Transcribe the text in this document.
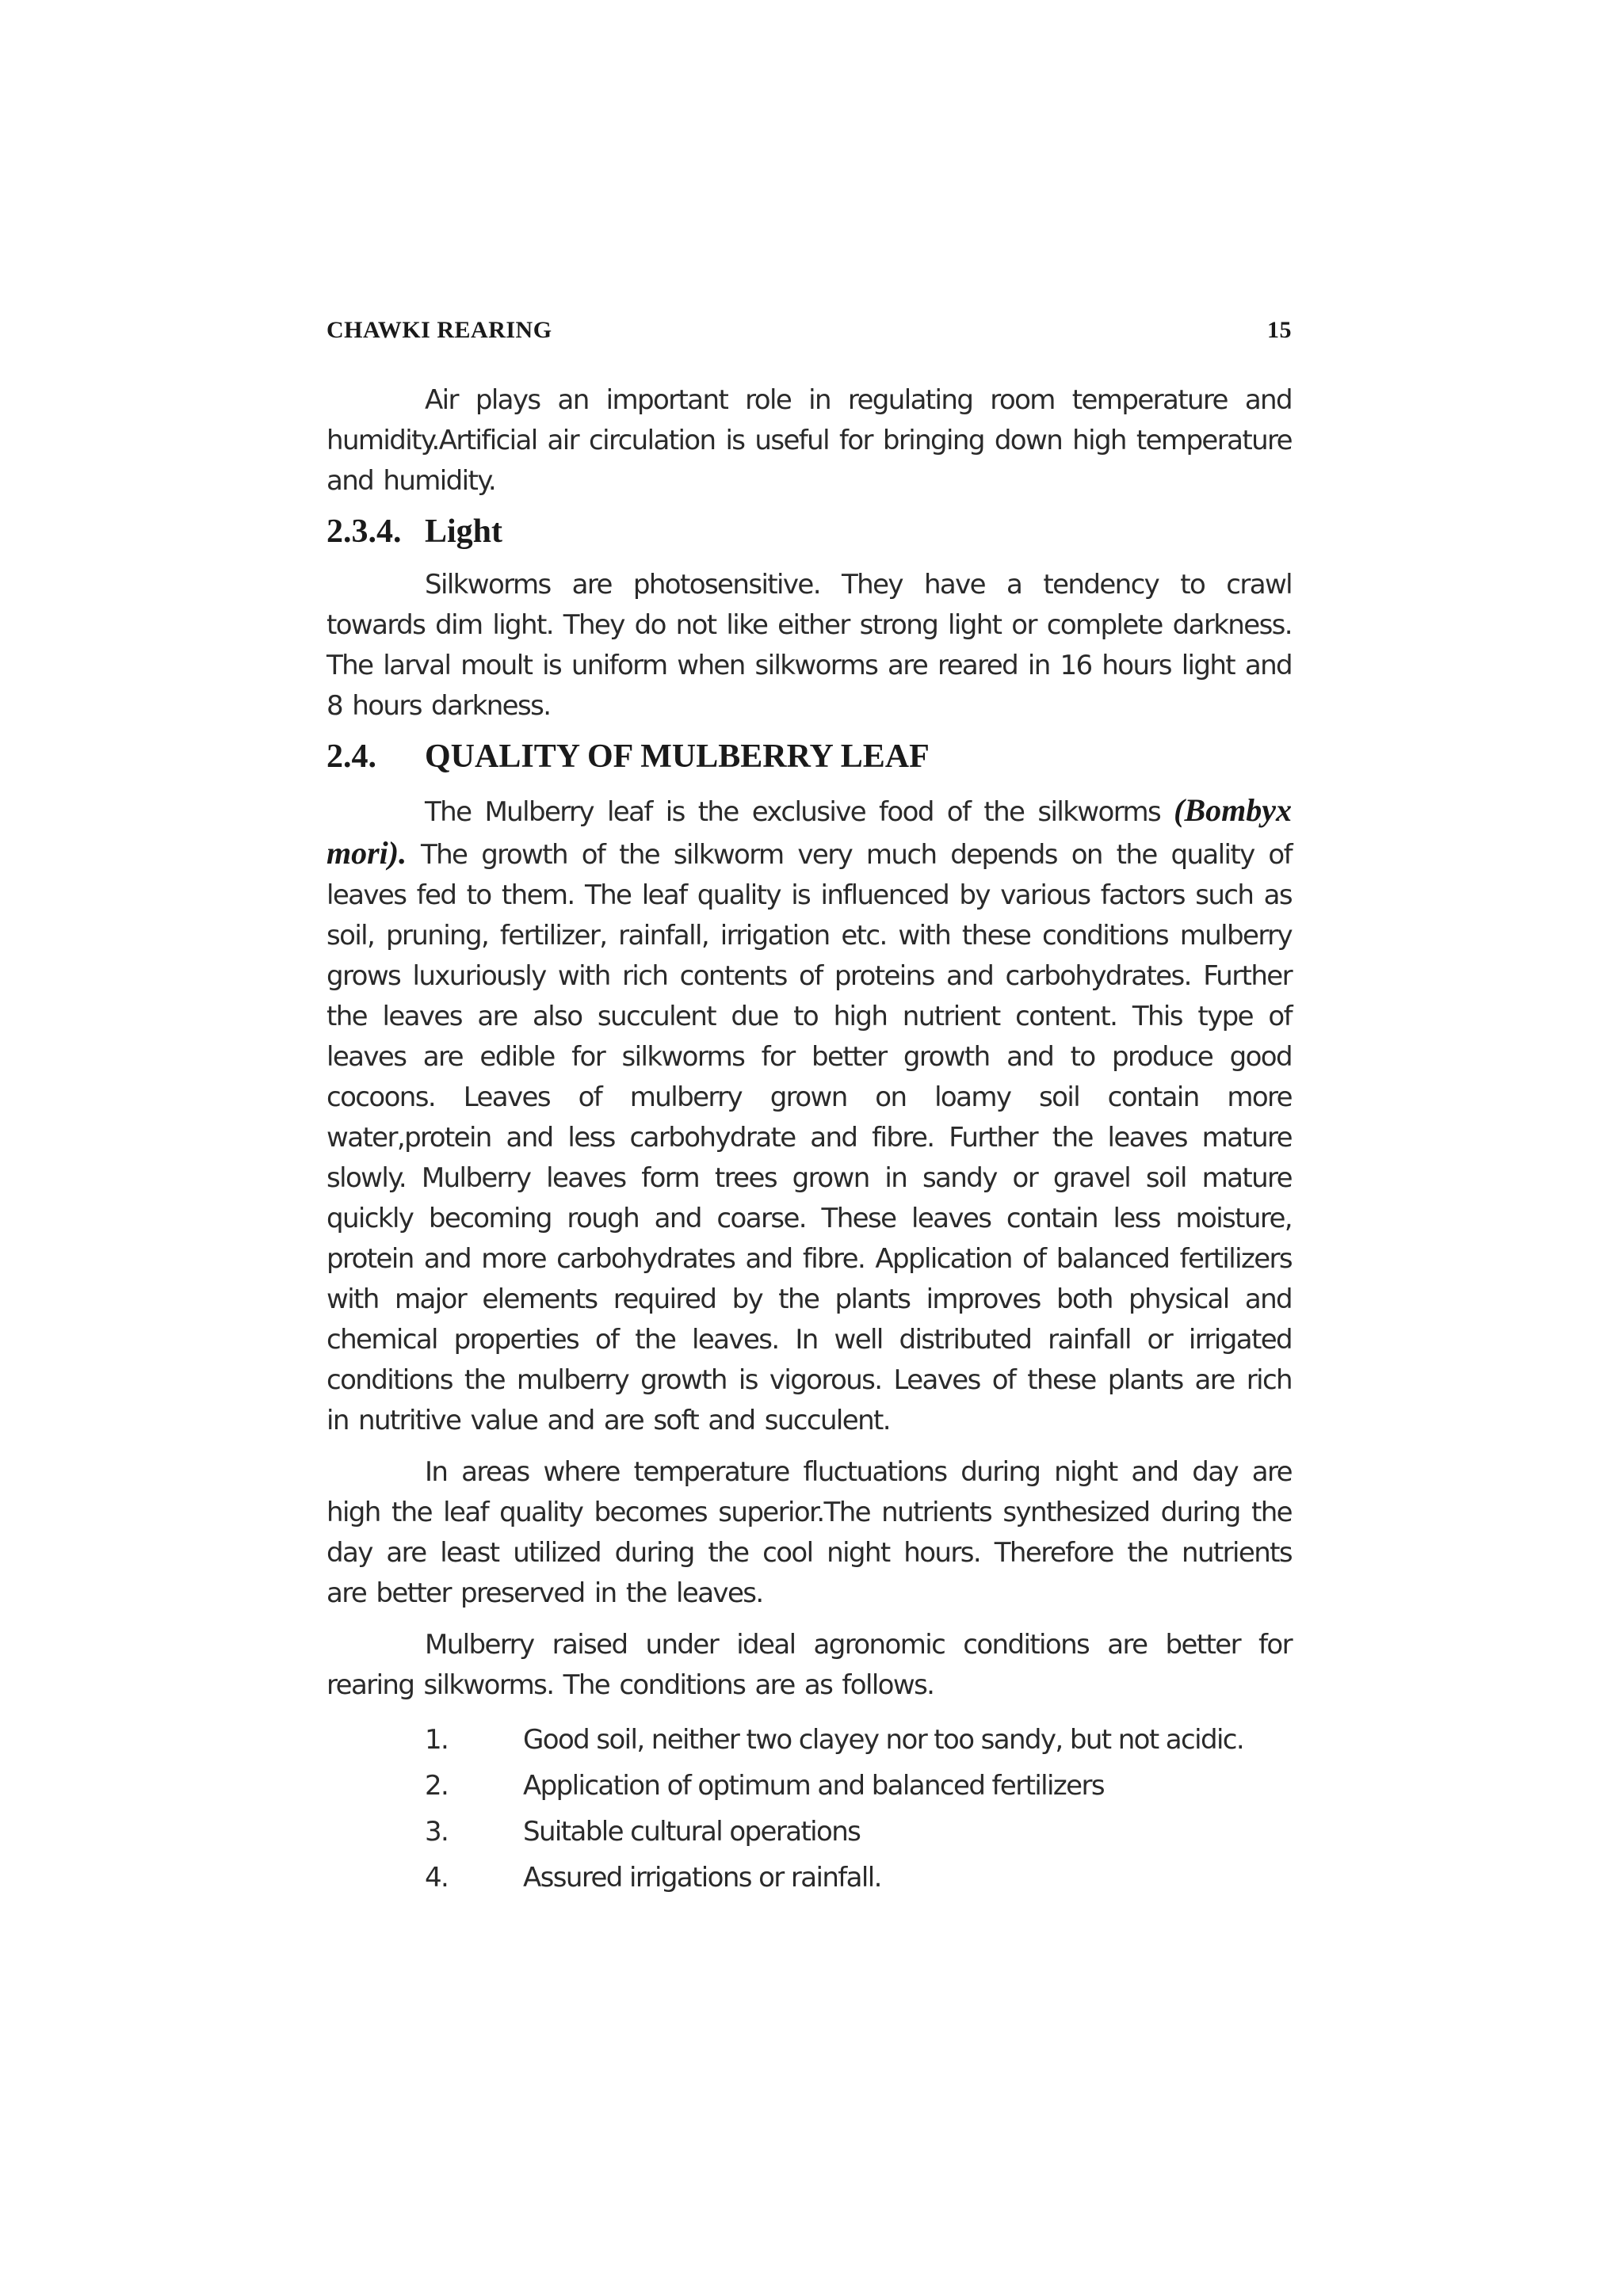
CHAWKI REARING	15

Air plays an important role in regulating room temperature and humidity.Artificial air circulation is useful for bringing down high temperature and humidity.

2.3.4. Light

Silkworms are photosensitive. They have a tendency to crawl towards dim light. They do not like either strong light or complete darkness. The larval moult is uniform when silkworms are reared in 16 hours light and 8 hours darkness.

2.4.	QUALITY OF MULBERRY LEAF

The Mulberry leaf is the exclusive food of the silkworms (Bombyx mori). The growth of the silkworm very much depends on the quality of leaves fed to them. The leaf quality is influenced by various factors such as soil, pruning, fertilizer, rainfall, irrigation etc. with these conditions mulberry grows luxuriously with rich contents of proteins and carbohydrates. Further the leaves are also succulent due to high nutrient content. This type of leaves are edible for silkworms for better growth and to produce good cocoons. Leaves of mulberry grown on loamy soil contain more water,protein and less carbohydrate and fibre. Further the leaves mature slowly. Mulberry leaves form trees grown in sandy or gravel soil mature quickly becoming rough and coarse. These leaves contain less moisture, protein and more carbohydrates and fibre. Application of balanced fertilizers with major elements required by the plants improves both physical and chemical properties of the leaves. In well distributed rainfall or irrigated conditions the mulberry growth is vigorous. Leaves of these plants are rich in nutritive value and are soft and succulent.

In areas where temperature fluctuations during night and day are high the leaf quality becomes superior.The nutrients synthesized during the day are least utilized during the cool night hours. Therefore the nutrients are better preserved in the leaves.

Mulberry raised under ideal agronomic conditions are better for rearing silkworms. The conditions are as follows.

1.	Good soil, neither two clayey nor too sandy, but not acidic.
2.	Application of optimum and balanced fertilizers
3.	Suitable cultural operations
4.	Assured irrigations or rainfall.
